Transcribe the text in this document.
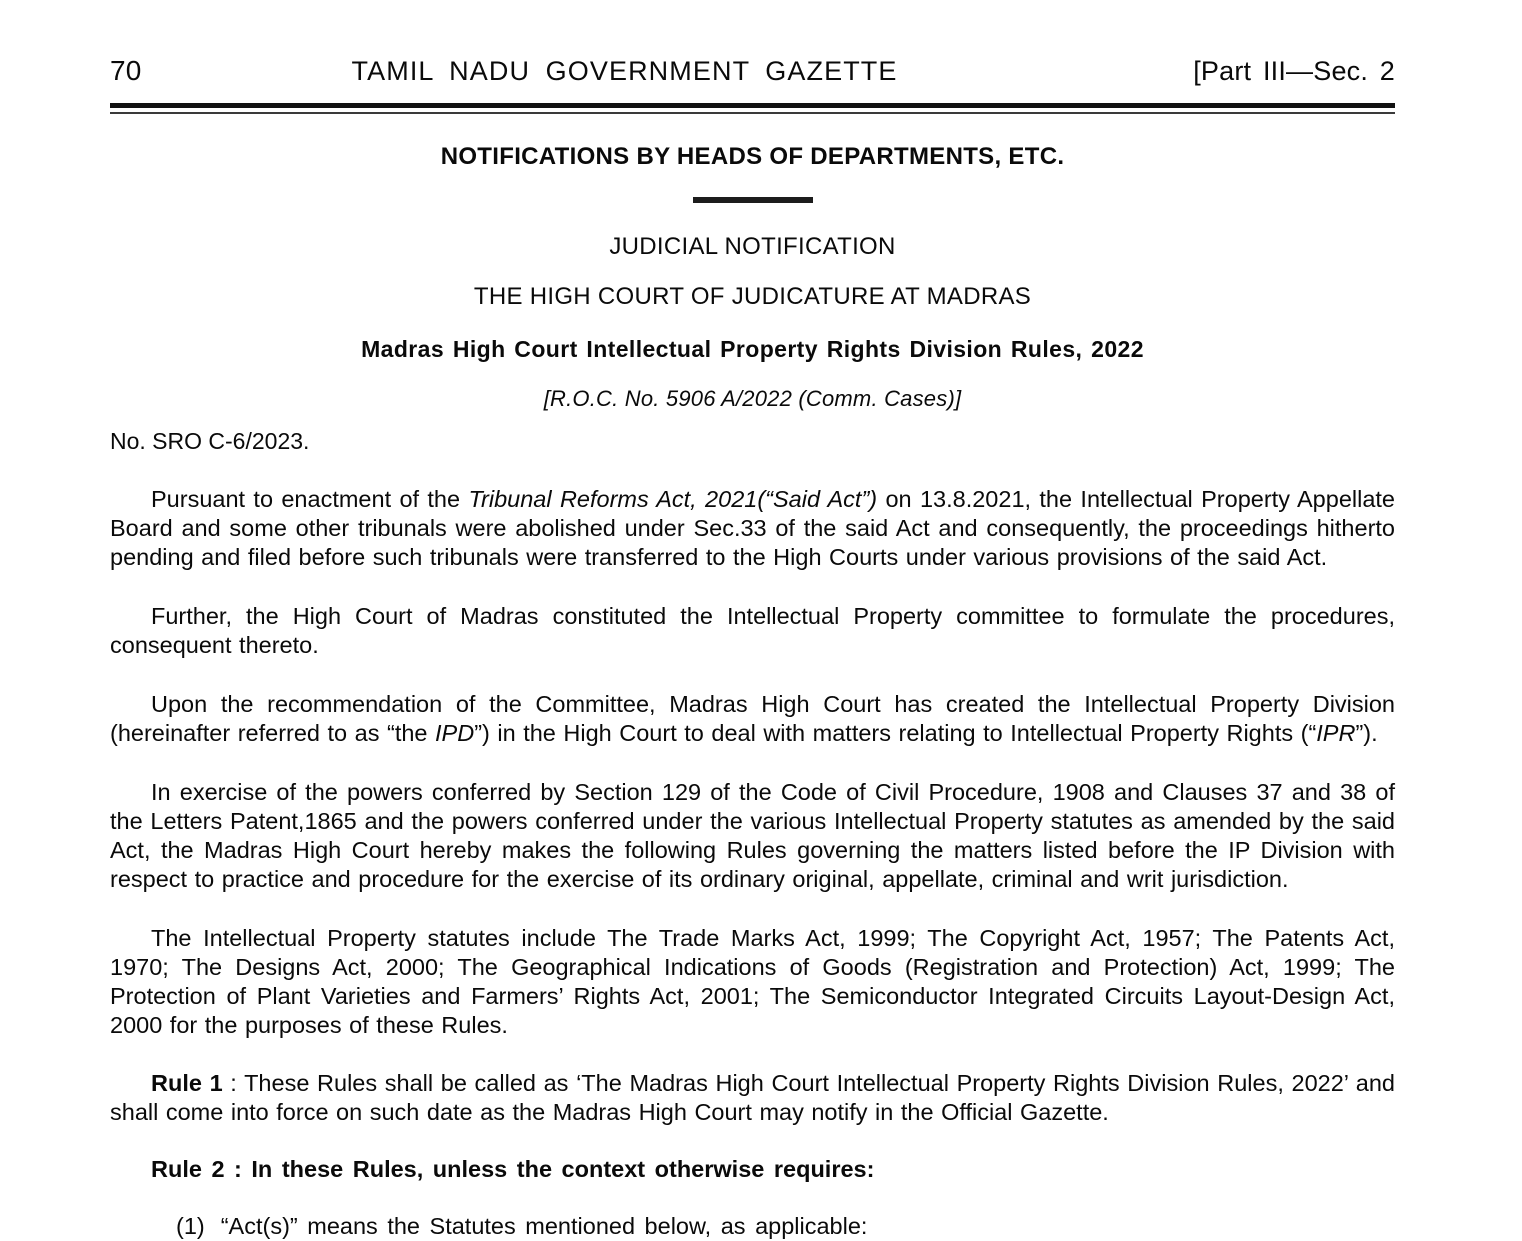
70	TAMIL NADU GOVERNMENT GAZETTE	[Part III—Sec. 2
NOTIFICATIONS BY HEADS OF DEPARTMENTS, ETC.
JUDICIAL NOTIFICATION
THE HIGH COURT OF JUDICATURE AT MADRAS
Madras High Court Intellectual Property Rights Division Rules, 2022
[R.O.C. No. 5906 A/2022 (Comm. Cases)]
No. SRO C-6/2023.

Pursuant to enactment of the Tribunal Reforms Act, 2021(“Said Act”) on 13.8.2021, the Intellectual Property Appellate Board and some other tribunals were abolished under Sec.33 of the said Act and consequently, the proceedings hitherto pending and filed before such tribunals were transferred to the High Courts under various provisions of the said Act.

Further, the High Court of Madras constituted the Intellectual Property committee to formulate the procedures, consequent thereto.

Upon the recommendation of the Committee, Madras High Court has created the Intellectual Property Division (hereinafter referred to as “the IPD”) in the High Court to deal with matters relating to Intellectual Property Rights (“IPR”).

In exercise of the powers conferred by Section 129 of the Code of Civil Procedure, 1908 and Clauses 37 and 38 of the Letters Patent,1865 and the powers conferred under the various Intellectual Property statutes as amended by the said Act, the Madras High Court hereby makes the following Rules governing the matters listed before the IP Division with respect to practice and procedure for the exercise of its ordinary original, appellate, criminal and writ jurisdiction.

The Intellectual Property statutes include The Trade Marks Act, 1999; The Copyright Act, 1957; The Patents Act, 1970; The Designs Act, 2000; The Geographical Indications of Goods (Registration and Protection) Act, 1999; The Protection of Plant Varieties and Farmers’ Rights Act, 2001; The Semiconductor Integrated Circuits Layout-Design Act, 2000 for the purposes of these Rules.

Rule 1 : These Rules shall be called as ‘The Madras High Court Intellectual Property Rights Division Rules, 2022’ and shall come into force on such date as the Madras High Court may notify in the Official Gazette.

Rule 2 : In these Rules, unless the context otherwise requires:

(1) “Act(s)” means the Statutes mentioned below, as applicable:
